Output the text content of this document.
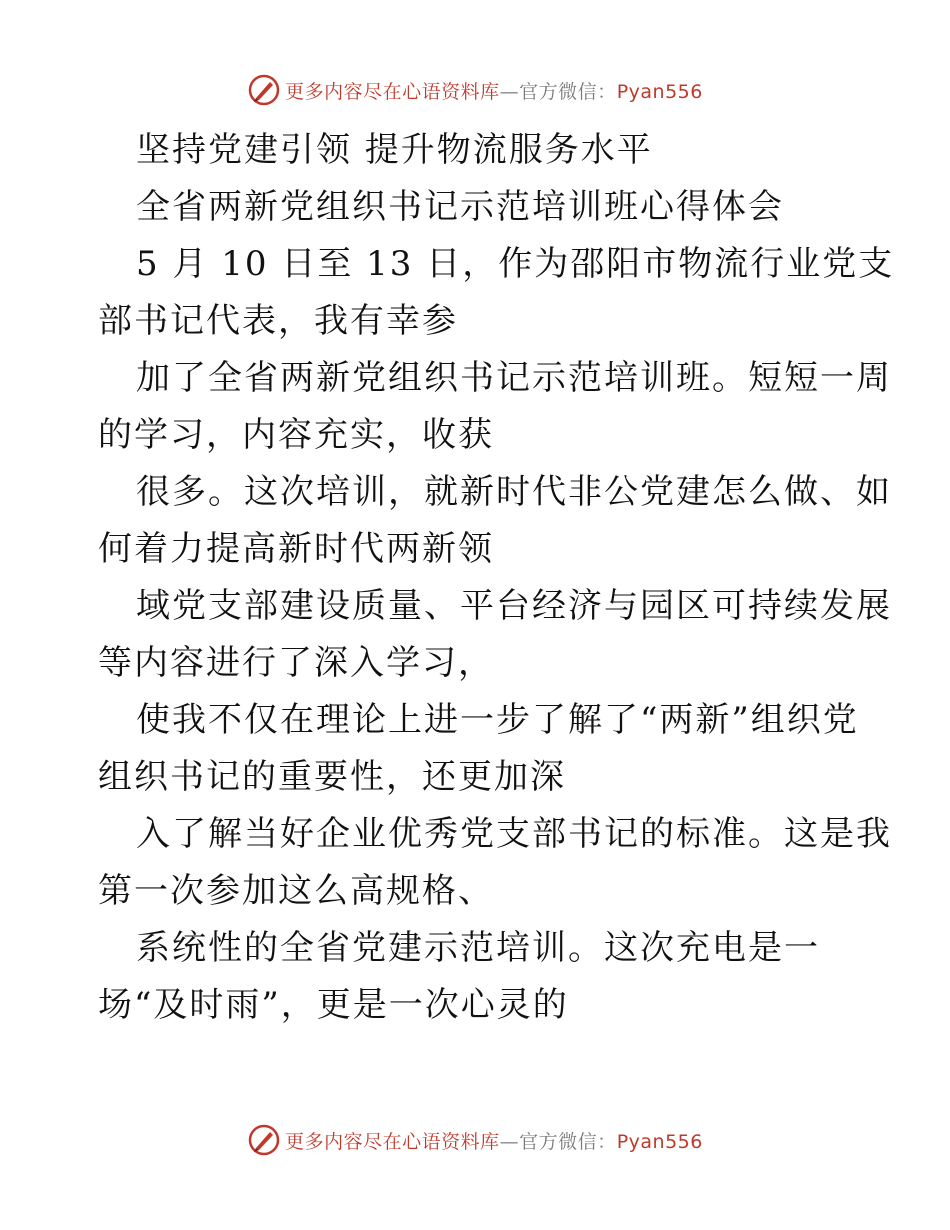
更多内容尽在心语资料库—官方微信：Pyan556
坚持党建引领 提升物流服务水平
全省两新党组织书记示范培训班心得体会
5 月 10 日至 13 日，作为邵阳市物流行业党支
部书记代表，我有幸参
加了全省两新党组织书记示范培训班。短短一周
的学习，内容充实，收获
很多。这次培训，就新时代非公党建怎么做、如
何着力提高新时代两新领
域党支部建设质量、平台经济与园区可持续发展
等内容进行了深入学习，
使我不仅在理论上进一步了解了“两新”组织党
组织书记的重要性，还更加深
入了解当好企业优秀党支部书记的标准。这是我
第一次参加这么高规格、
系统性的全省党建示范培训。这次充电是一
场“及时雨”，更是一次心灵的
更多内容尽在心语资料库—官方微信：Pyan556
